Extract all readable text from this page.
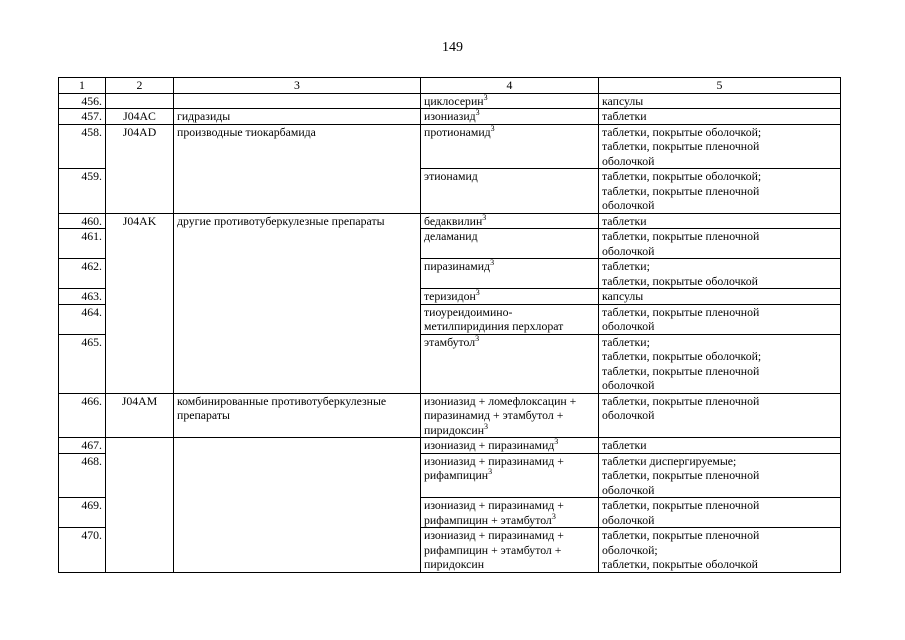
149
1	2	3	4	5
456.			циклосерин$^3$	капсулы
457.	J04AC	гидразиды	изониазид$^3$	таблетки
458.	J04AD	производные тиокарбамида	протионамид$^3$	таблетки, покрытые оболочкой;
таблетки, покрытые пленочной
оболочкой
459.			этионамид	таблетки, покрытые оболочкой;
таблетки, покрытые пленочной
оболочкой
460.	J04AK	другие противотуберкулезные препараты	бедаквилин$^3$	таблетки
461.			деламанид	таблетки, покрытые пленочной
оболочкой
462.			пиразинамид$^3$	таблетки;
таблетки, покрытые оболочкой
463.			теризидон$^3$	капсулы
464.			тиоуреидоимино-
метилпиридиния перхлорат	таблетки, покрытые пленочной
оболочкой
465.			этамбутол$^3$	таблетки;
таблетки, покрытые оболочкой;
таблетки, покрытые пленочной
оболочкой
466.	J04AM	комбинированные противотуберкулезные
препараты	изониазид + ломефлоксацин +
пиразинамид + этамбутол +
пиридоксин$^3$	таблетки, покрытые пленочной
оболочкой
467.			изониазид + пиразинамид$^3$	таблетки
468.			изониазид + пиразинамид +
рифампицин$^3$	таблетки диспергируемые;
таблетки, покрытые пленочной
оболочкой
469.			изониазид + пиразинамид +
рифампицин + этамбутол$^3$	таблетки, покрытые пленочной
оболочкой
470.			изониазид + пиразинамид +
рифампицин + этамбутол +
пиридоксин	таблетки, покрытые пленочной
оболочкой;
таблетки, покрытые оболочкой
